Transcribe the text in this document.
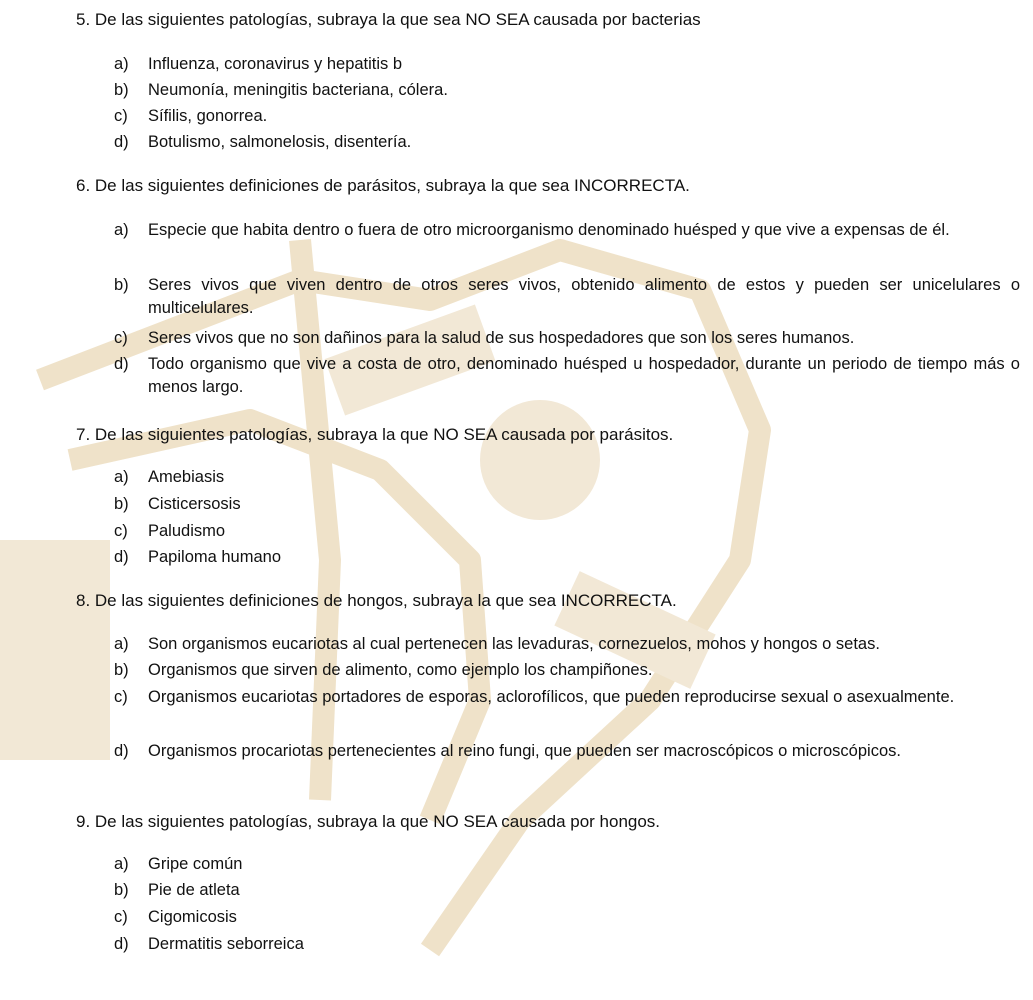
5. De las siguientes patologías, subraya la que sea NO SEA causada por bacterias
a)	Influenza, coronavirus y hepatitis b
b)	Neumonía, meningitis bacteriana, cólera.
c)	Sífilis, gonorrea.
d)	Botulismo, salmonelosis, disentería.
6. De las siguientes definiciones de parásitos, subraya la que sea INCORRECTA.
a)	Especie que habita dentro o fuera de otro microorganismo denominado huésped y que vive a expensas de él.
b)	Seres vivos que viven dentro de otros seres vivos, obtenido alimento de estos y pueden ser unicelulares o multicelulares.
c)	Seres vivos que no son dañinos para la salud de sus hospedadores que son los seres humanos.
d)	Todo organismo que vive a costa de otro, denominado huésped u hospedador, durante un periodo de tiempo más o menos largo.
7. De las siguientes patologías, subraya la que NO SEA causada por parásitos.
a)	Amebiasis
b)	Cisticersosis
c)	Paludismo
d)	Papiloma humano
8. De las siguientes definiciones de hongos, subraya la que sea INCORRECTA.
a)	Son organismos eucariotas al cual pertenecen las levaduras, cornezuelos, mohos y hongos o setas.
b)	Organismos que sirven de alimento, como ejemplo los champiñones.
c)	Organismos eucariotas portadores de esporas, aclorofílicos, que pueden reproducirse sexual o asexualmente.
d)	Organismos procariotas pertenecientes al reino fungi, que pueden ser macroscópicos o microscópicos.
9. De las siguientes patologías, subraya la que NO SEA causada por hongos.
a)	Gripe común
b)	Pie de atleta
c)	Cigomicosis
d)	Dermatitis seborreica
